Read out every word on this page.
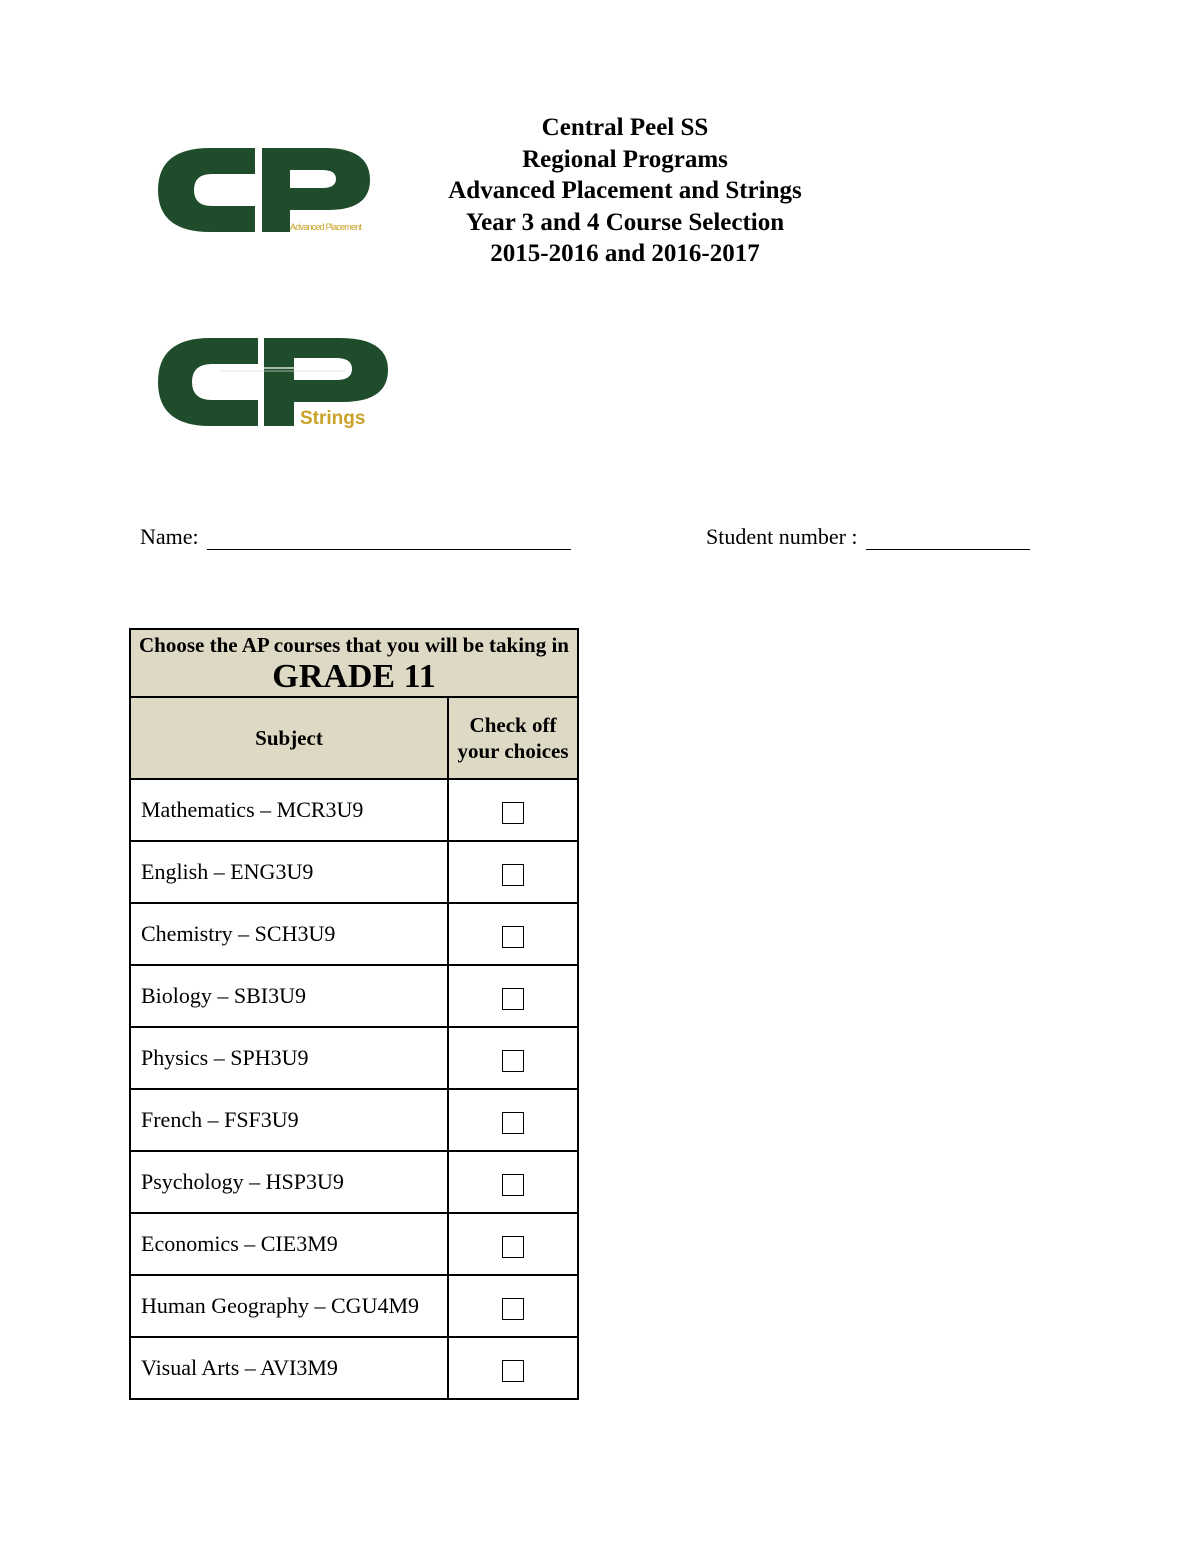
Advanced Placement
Strings
Central Peel SS
Regional Programs
Advanced Placement and Strings
Year 3 and 4 Course Selection
2015-2016 and 2016-2017
Name:	Student number :
Choose the AP courses that you will be taking in GRADE 11	
Subject	Check off your choices
Mathematics – MCR3U9	
English – ENG3U9	
Chemistry – SCH3U9	
Biology – SBI3U9	
Physics – SPH3U9	
French – FSF3U9	
Psychology – HSP3U9	
Economics – CIE3M9	
Human Geography – CGU4M9	
Visual Arts – AVI3M9	
